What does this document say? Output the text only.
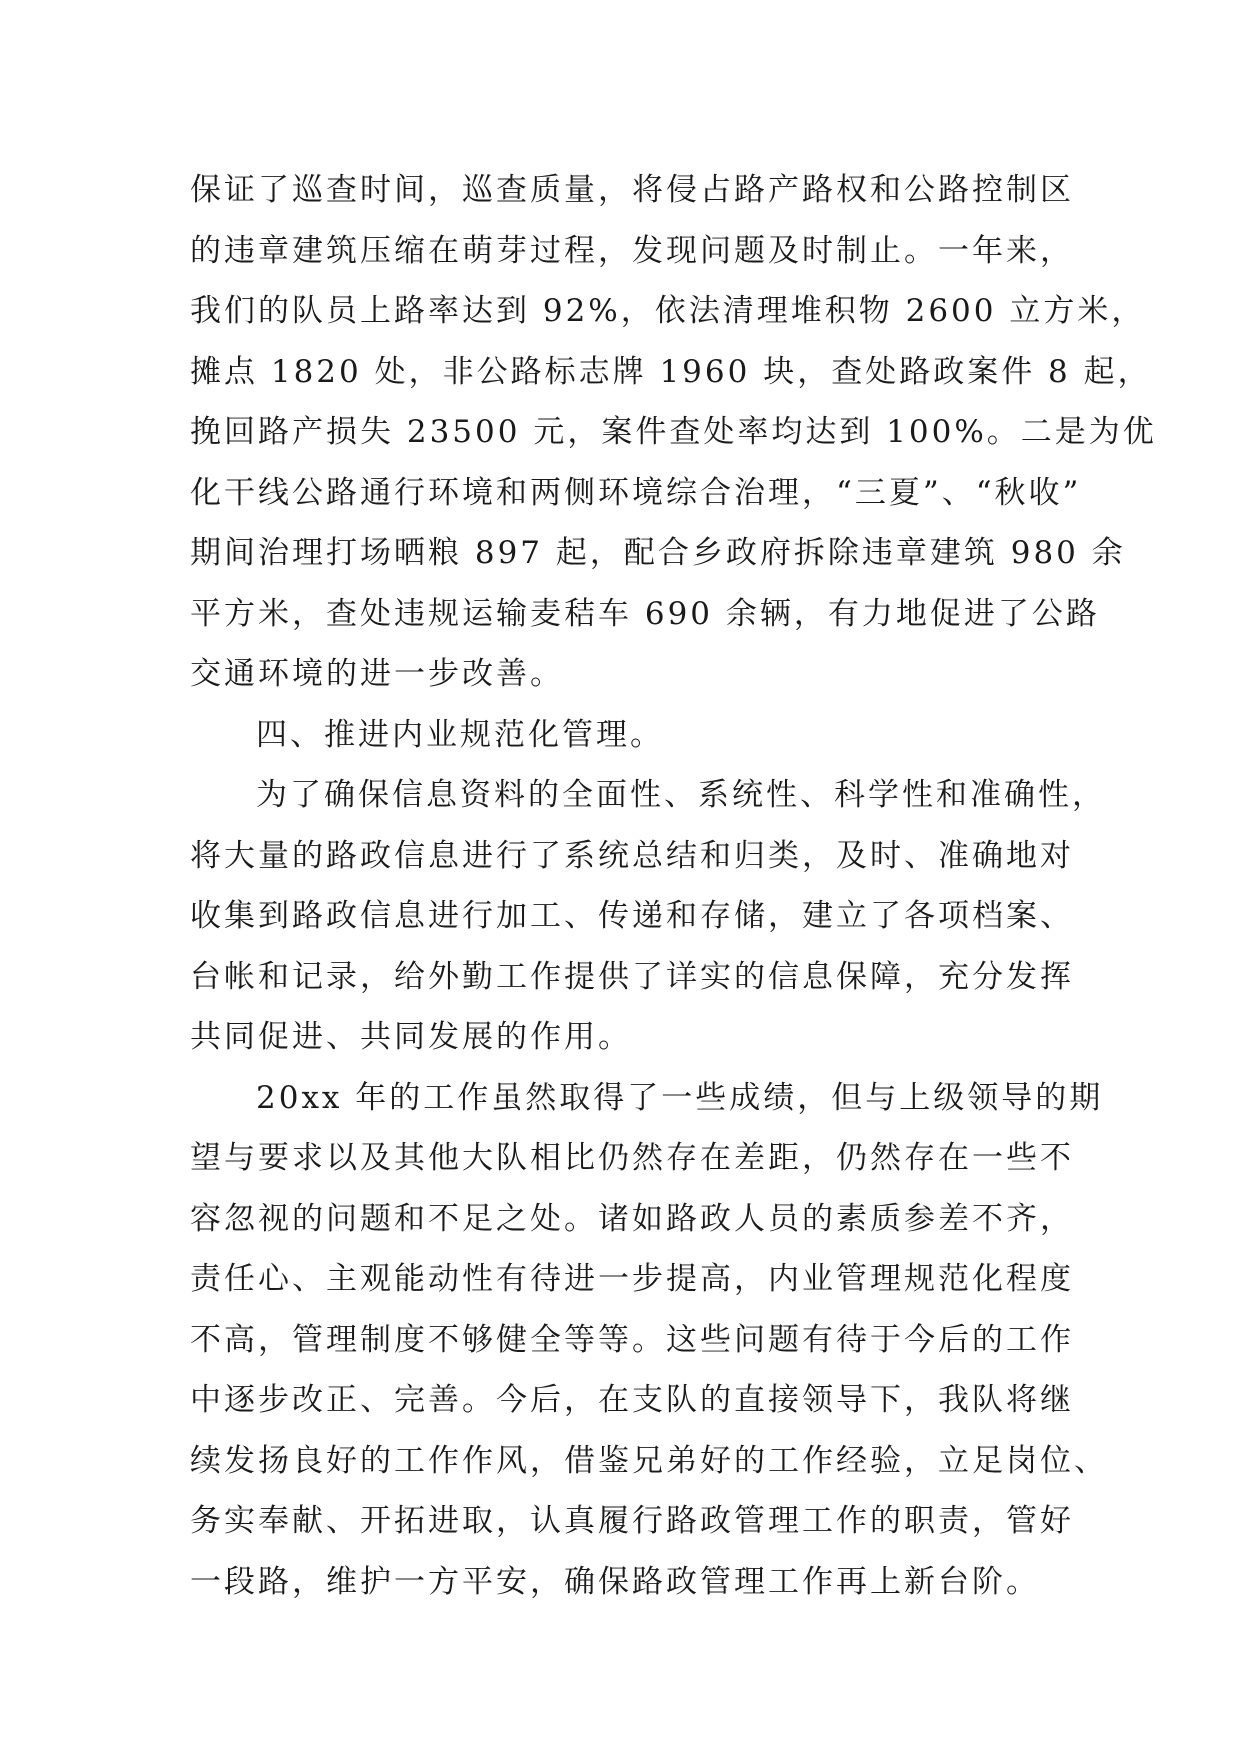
保证了巡查时间，巡查质量，将侵占路产路权和公路控制区
的违章建筑压缩在萌芽过程，发现问题及时制止。一年来，
我们的队员上路率达到 92%，依法清理堆积物 2600 立方米，
摊点 1820 处，非公路标志牌 1960 块，查处路政案件 8 起，
挽回路产损失 23500 元，案件查处率均达到 100%。二是为优
化干线公路通行环境和两侧环境综合治理，“三夏”、“秋收”
期间治理打场晒粮 897 起，配合乡政府拆除违章建筑 980 余
平方米，查处违规运输麦秸车 690 余辆，有力地促进了公路
交通环境的进一步改善。
四、推进内业规范化管理。
为了确保信息资料的全面性、系统性、科学性和准确性，
将大量的路政信息进行了系统总结和归类，及时、准确地对
收集到路政信息进行加工、传递和存储，建立了各项档案、
台帐和记录，给外勤工作提供了详实的信息保障，充分发挥
共同促进、共同发展的作用。
20xx 年的工作虽然取得了一些成绩，但与上级领导的期
望与要求以及其他大队相比仍然存在差距，仍然存在一些不
容忽视的问题和不足之处。诸如路政人员的素质参差不齐，
责任心、主观能动性有待进一步提高，内业管理规范化程度
不高，管理制度不够健全等等。这些问题有待于今后的工作
中逐步改正、完善。今后，在支队的直接领导下，我队将继
续发扬良好的工作作风，借鉴兄弟好的工作经验，立足岗位、
务实奉献、开拓进取，认真履行路政管理工作的职责，管好
一段路，维护一方平安，确保路政管理工作再上新台阶。
